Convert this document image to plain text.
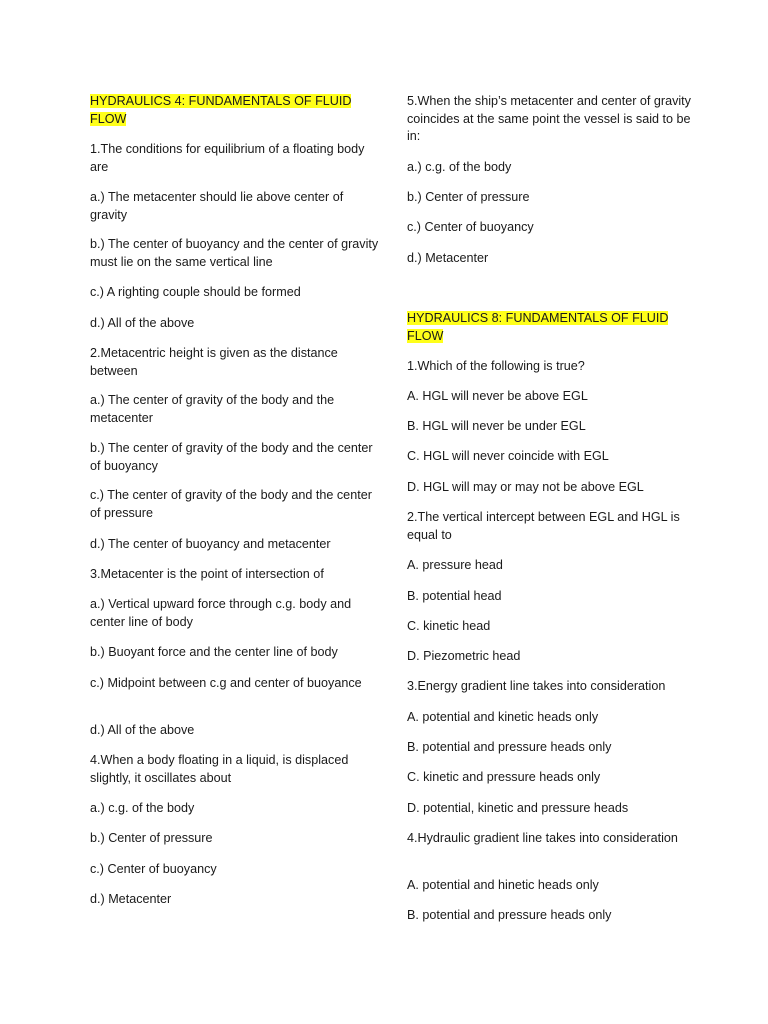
HYDRAULICS 4: FUNDAMENTALS OF FLUID FLOW

1.The conditions for equilibrium of a floating body are

a.) The metacenter should lie above center of gravity

b.) The center of buoyancy and the center of gravity must lie on the same vertical line

c.) A righting couple should be formed

d.) All of the above

2.Metacentric height is given as the distance between

a.) The center of gravity of the body and the metacenter

b.) The center of gravity of the body and the center of buoyancy

c.) The center of gravity of the body and the center of pressure

d.) The center of buoyancy and metacenter

3.Metacenter is the point of intersection of

a.) Vertical upward force through c.g. body and center line of body

b.) Buoyant force and the center line of body

c.) Midpoint between c.g and center of buoyance

d.) All of the above

4.When a body floating in a liquid, is displaced slightly, it oscillates about

a.) c.g. of the body

b.) Center of pressure

c.) Center of buoyancy

d.) Metacenter

5.When the ship’s metacenter and center of gravity coincides at the same point the vessel is said to be in:

a.) c.g. of the body

b.) Center of pressure

c.) Center of buoyancy

d.) Metacenter

HYDRAULICS 8: FUNDAMENTALS OF FLUID FLOW

1.Which of the following is true?

A. HGL will never be above EGL

B. HGL will never be under EGL

C. HGL will never coincide with EGL

D. HGL will may or may not be above EGL

2.The vertical intercept between EGL and HGL is equal to

A. pressure head

B. potential head

C. kinetic head

D. Piezometric head

3.Energy gradient line takes into consideration

A. potential and kinetic heads only

B. potential and pressure heads only

C. kinetic and pressure heads only

D. potential, kinetic and pressure heads

4.Hydraulic gradient line takes into consideration

A. potential and hinetic heads only

B. potential and pressure heads only
